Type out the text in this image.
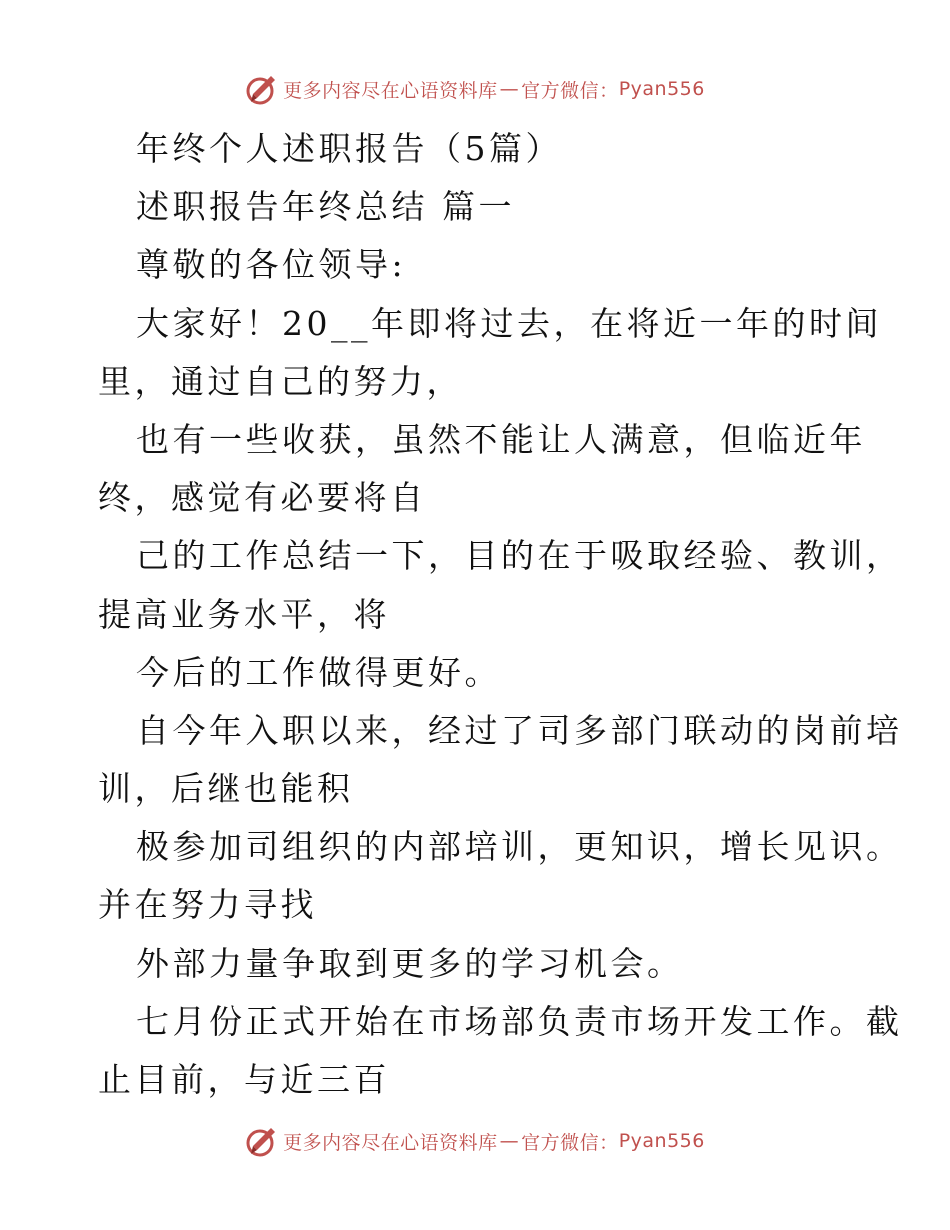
更多内容尽在心语资料库 — 官方微信： Pyan556
年终个人述职报告（5篇）
述职报告年终总结 篇一
尊敬的各位领导:
大家好！20__年即将过去，在将近一年的时间
里，通过自己的努力，
也有一些收获，虽然不能让人满意，但临近年
终，感觉有必要将自
己的工作总结一下，目的在于吸取经验、教训，
提高业务水平，将
今后的工作做得更好。
自今年入职以来，经过了司多部门联动的岗前培
训，后继也能积
极参加司组织的内部培训，更知识，增长见识。
并在努力寻找
外部力量争取到更多的学习机会。
七月份正式开始在市场部负责市场开发工作。截
止目前，与近三百
更多内容尽在心语资料库 — 官方微信： Pyan556
